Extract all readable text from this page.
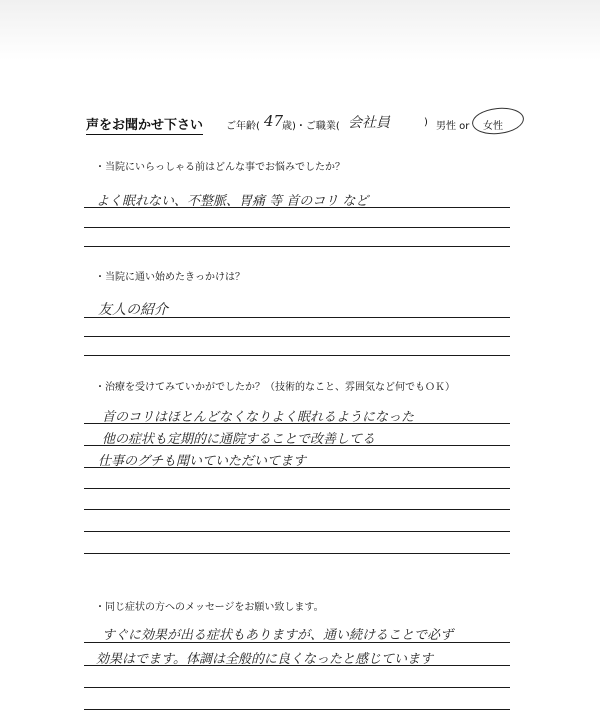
声をお聞かせ下さい ご年齢( 47
歳)・ご職業( 会社員	) 男性 or 女性
・当院にいらっしゃる前はどんな事でお悩みでしたか？
よく眠れない、不整脈、胃痛 等 首のコリ など
・当院に通い始めたきっかけは？
友人の紹介
・治療を受けてみていかがでしたか？（技術的なこと、雰囲気など何でもＯＫ）
首のコリはほとんどなくなりよく眠れるようになった
他の症状も定期的に通院することで改善してる
仕事のグチも聞いていただいてます
・同じ症状の方へのメッセージをお願い致します。
すぐに効果が出る症状もありますが、通い続けることで必ず
効果はでます。体調は全般的に良くなったと感じています
